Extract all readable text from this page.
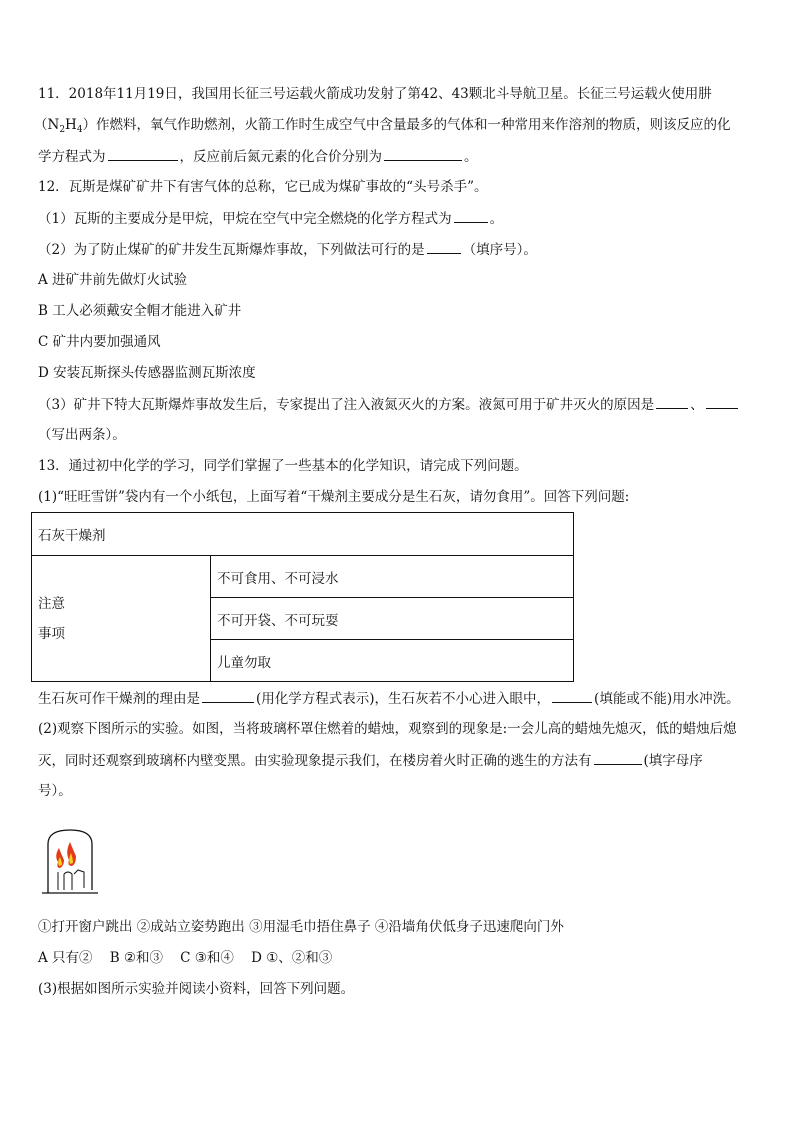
11．2018年11月19日，我国用长征三号运载火箭成功发射了第42、43颗北斗导航卫星。长征三号运载火使用肼
$(N_2H_4)$作燃料，氧气作助燃剂，火箭工作时生成空气中含量最多的气体和一种常用来作溶剂的物质，则该反应的化
学方程式为	，反应前后氮元素的化合价分别为	。
12．瓦斯是煤矿矿井下有害气体的总称，它已成为煤矿事故的“头号杀手”。
（1）瓦斯的主要成分是甲烷，甲烷在空气中完全燃烧的化学方程式为	。
（2）为了防止煤矿的矿井发生瓦斯爆炸事故，下列做法可行的是	（填序号）。
A 进矿井前先做灯火试验
B 工人必须戴安全帽才能进入矿井
C 矿井内要加强通风
D 安装瓦斯探头传感器监测瓦斯浓度
（3）矿井下特大瓦斯爆炸事故发生后，专家提出了注入液氮灭火的方案。液氮可用于矿井灭火的原因是	、
（写出两条）。
13．通过初中化学的学习，同学们掌握了一些基本的化学知识，请完成下列问题。
(1)“旺旺雪饼”袋内有一个小纸包，上面写着“干燥剂主要成分是生石灰，请勿食用”。回答下列问题:
石灰干燥剂

注意
事项
	不可食用、不可浸水
不可开袋、不可玩耍
儿童勿取
生石灰可作干燥剂的理由是	(用化学方程式表示)，生石灰若不小心进入眼中，	(填能或不能)用水冲洗。
(2)观察下图所示的实验。如图，当将玻璃杯罩住燃着的蜡烛，观察到的现象是:一会儿高的蜡烛先熄灭，低的蜡烛后熄
灭，同时还观察到玻璃杯内壁变黑。由实验现象提示我们，在楼房着火时正确的逃生的方法有	(填字母序
号）。
①打开窗户跳出 ②成站立姿势跑出 ③用湿毛巾捂住鼻子 ④沿墙角伏低身子迅速爬向门外
A 只有②    B ②和③    C ③和④    D ①、②和③
(3)根据如图所示实验并阅读小资料，回答下列问题。
